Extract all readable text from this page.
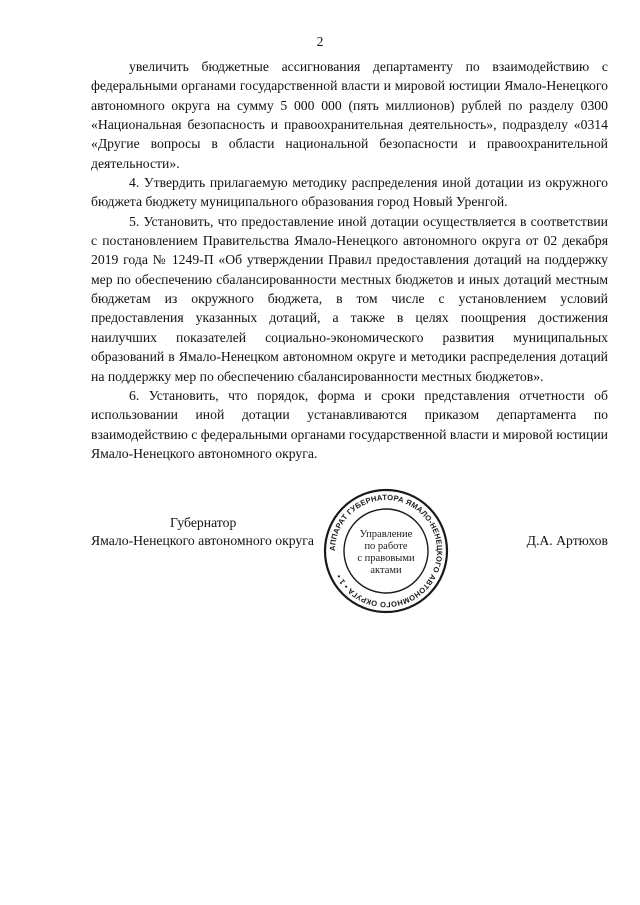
2

увеличить бюджетные ассигнования департаменту по взаимодействию с федеральными органами государственной власти и мировой юстиции Ямало-Ненецкого автономного округа на сумму 5 000 000 (пять миллионов) рублей по разделу 0300 «Национальная безопасность и правоохранительная деятельность», подразделу «0314 «Другие вопросы в области национальной безопасности и правоохранительной деятельности».

4. Утвердить прилагаемую методику распределения иной дотации из окружного бюджета бюджету муниципального образования город Новый Уренгой.

5. Установить, что предоставление иной дотации осуществляется в соответствии с постановлением Правительства Ямало-Ненецкого автономного округа от 02 декабря 2019 года № 1249-П «Об утверждении Правил предоставления дотаций на поддержку мер по обеспечению сбалансированности местных бюджетов и иных дотаций местным бюджетам из окружного бюджета, в том числе с установлением условий предоставления указанных дотаций, а также в целях поощрения достижения наилучших показателей социально-экономического развития муниципальных образований в Ямало-Ненецком автономном округе и методики распределения дотаций на поддержку мер по обеспечению сбалансированности местных бюджетов».

6. Установить, что порядок, форма и сроки представления отчетности об использовании иной дотации устанавливаются приказом департамента по взаимодействию с федеральными органами государственной власти и мировой юстиции Ямало-Ненецкого автономного округа.

Губернатор
Ямало-Ненецкого автономного округа	Д.А. Артюхов
АППАРАТ ГУБЕРНАТОРА ЯМАЛО-НЕНЕЦКОГО АВТОНОМНОГО ОКРУГА • 1 •
Управление
по работе
с правовыми
актами
